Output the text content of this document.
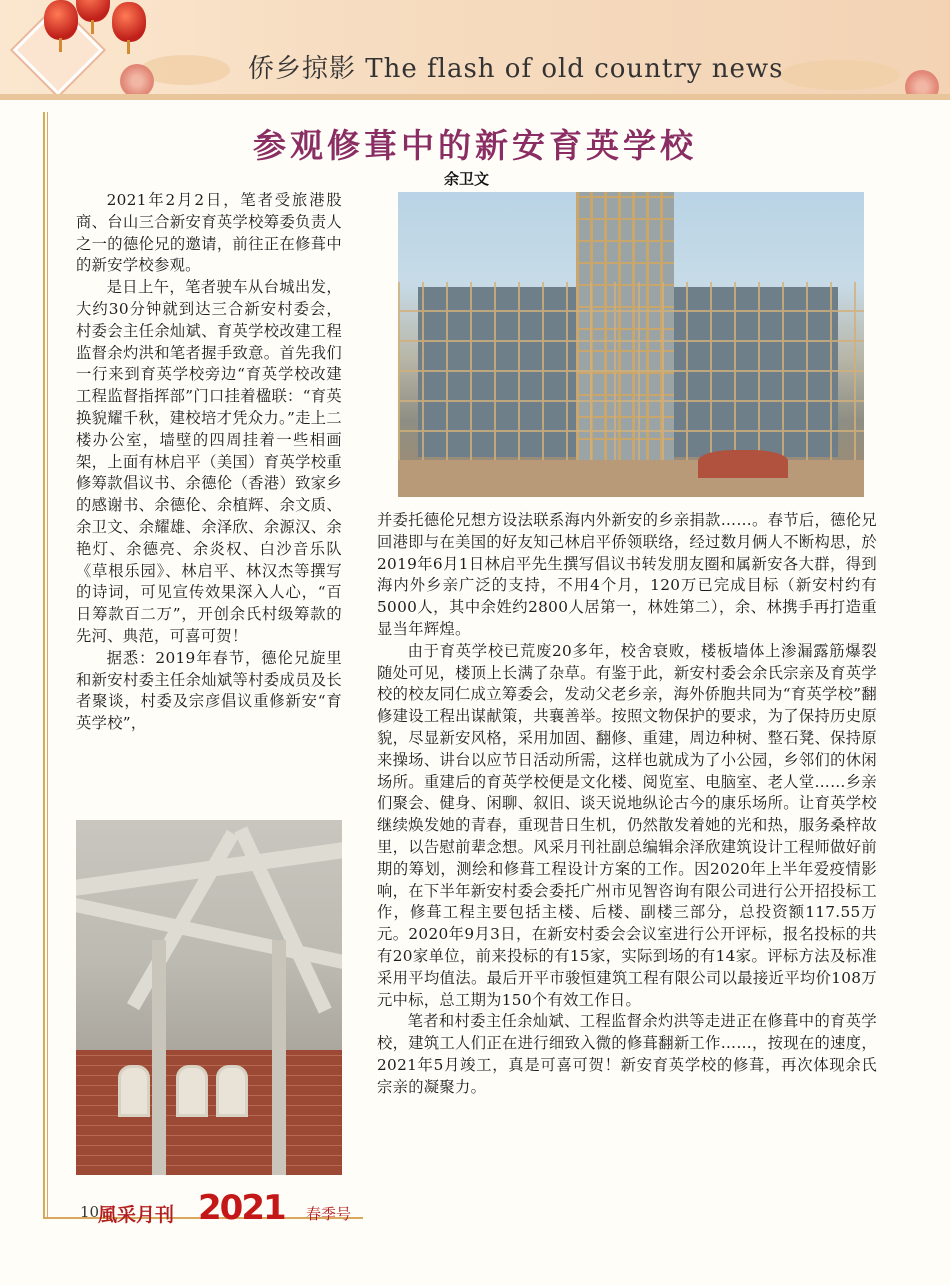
侨乡掠影 The flash of old country news
参观修葺中的新安育英学校
余卫文

2021年2月2日，笔者受旅港股商、台山三合新安育英学校筹委负责人之一的德伦兄的邀请，前往正在修葺中的新安学校参观。

是日上午，笔者驶车从台城出发，大约30分钟就到达三合新安村委会，村委会主任余灿斌、育英学校改建工程监督余灼洪和笔者握手致意。首先我们一行来到育英学校旁边“育英学校改建工程监督指挥部”门口挂着楹联：“育英换貌耀千秋，建校培才凭众力。”走上二楼办公室，墙壁的四周挂着一些相画架，上面有林启平（美国）育英学校重修筹款倡议书、余德伦（香港）致家乡的感谢书、余德伦、余植辉、余文质、余卫文、余耀雄、余泽欣、余源汉、余艳灯、余德亮、余炎权、白沙音乐队《草根乐园》、林启平、林汉杰等撰写的诗词，可见宣传效果深入人心，“百日筹款百二万”，开创余氏村级筹款的先河、典范，可喜可贺！

据悉：2019年春节，德伦兄旋里和新安村委主任余灿斌等村委成员及长者聚谈，村委及宗彦倡议重修新安“育英学校”，

并委托德伦兄想方设法联系海内外新安的乡亲捐款……。春节后，德伦兄回港即与在美国的好友知己林启平侨领联络，经过数月俩人不断构思，於2019年6月1日林启平先生撰写倡议书转发朋友圈和属新安各大群，得到海内外乡亲广泛的支持，不用4个月，120万已完成目标（新安村约有5000人，其中余姓约2800人居第一，林姓第二），余、林携手再打造重显当年辉煌。

由于育英学校已荒废20多年，校舍衰败，楼板墙体上渗漏露筋爆裂随处可见，楼顶上长满了杂草。有鉴于此，新安村委会余氏宗亲及育英学校的校友同仁成立筹委会，发动父老乡亲，海外侨胞共同为“育英学校”翻修建设工程出谋献策，共襄善举。按照文物保护的要求，为了保持历史原貌，尽显新安风格，采用加固、翻修、重建，周边种树、整石凳、保持原来操场、讲台以应节日活动所需，这样也就成为了小公园，乡邻们的休闲场所。重建后的育英学校便是文化楼、阅览室、电脑室、老人堂……乡亲们聚会、健身、闲聊、叙旧、谈天说地纵论古今的康乐场所。让育英学校继续焕发她的青春，重现昔日生机，仍然散发着她的光和热，服务桑梓故里，以告慰前辈念想。风采月刊社副总编辑余泽欣建筑设计工程师做好前期的筹划，测绘和修葺工程设计方案的工作。因2020年上半年爱疫情影响，在下半年新安村委会委托广州市见智咨询有限公司进行公开招投标工作，修葺工程主要包括主楼、后楼、副楼三部分，总投资额117.55万元。2020年9月3日，在新安村委会会议室进行公开评标，报名投标的共有20家单位，前来投标的有15家，实际到场的有14家。评标方法及标准采用平均值法。最后开平市骏恒建筑工程有限公司以最接近平均价108万元中标，总工期为150个有效工作日。

笔者和村委主任余灿斌、工程监督余灼洪等走进正在修葺中的育英学校，建筑工人们正在进行细致入微的修葺翻新工作……，按现在的速度，2021年5月竣工，真是可喜可贺！新安育英学校的修葺，再次体现余氏宗亲的凝聚力。

10
風采月刊 2021 春季号
